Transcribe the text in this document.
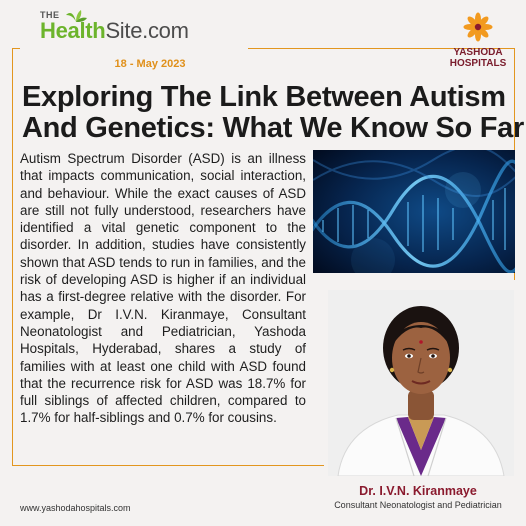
THE
HealthSite.com
YASHODA
HOSPITALS
18 - May 2023
Exploring The Link Between Autism
And Genetics: What We Know So Far

Autism Spectrum Disorder (ASD) is an illness that impacts communication, social interaction, and behaviour. While the exact causes of ASD are still not fully understood, researchers have identified a vital genetic component to the disorder. In addition, studies have consistently shown that ASD tends to run in families, and the risk of developing ASD is higher if an individual has a first-degree relative with the disorder. For example, Dr I.V.N. Kiranmaye, Consultant Neonatologist and Pediatrician, Yashoda Hospitals, Hyderabad, shares a study of families with at least one child with ASD found that the recurrence risk for ASD was 18.7% for full siblings of affected children, compared to 1.7% for half-siblings and 0.7% for cousins.

Dr. I.V.N. Kiranmaye
Consultant Neonatologist and Pediatrician
www.yashodahospitals.com
